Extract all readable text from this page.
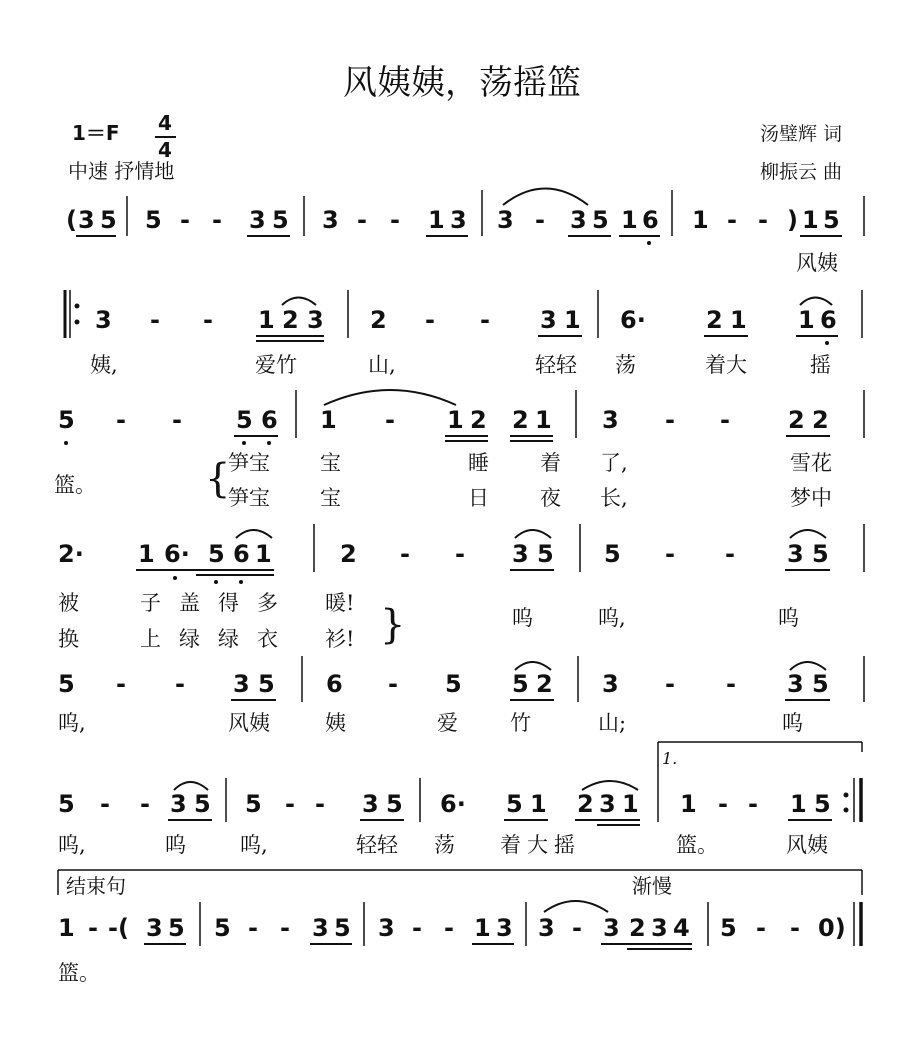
风姨姨，荡摇篮
1＝F 4
4
中速 抒情地
汤璧辉 词
柳振云 曲
( 3 5 5 - - 3 5 3 - - 1 3 3 - 3 5 1 6 1 - - ) 1 5
风姨
3 - - 1 2 3 2 - - 3 1 6·	2 1 1 6
姨,	爱竹	山,	轻轻 荡	着大	摇
5 - - 5 6 1 - 1 2 2 1 3 - - 2 2
篮。	{
笋宝 宝	睡 着 了,	雪花
笋宝 宝	日 夜 长,	梦中
2· 1 6· 5 6 1	2 - - 3 5 5 - - 3 5
被	子盖得多 暖!
换	上绿绿衣 衫! }	呜	呜,	呜
5 - - 3 5 6 - 5 5 2 3 - - 3 5
呜,	风姨	姨	爱 竹	山;	呜
5 - - 3 5 5 - - 3 5 6· 5 1 2 3 1
1.
1 - - 1 5
呜,	呜	呜,	轻轻 荡 着大摇	篮。	风姨
结束句	渐慢
1 - -( 3 5 5 - - 3 5 3 - - 1 3 3 - 3 2 3 4 5 - - 0)
篮。
